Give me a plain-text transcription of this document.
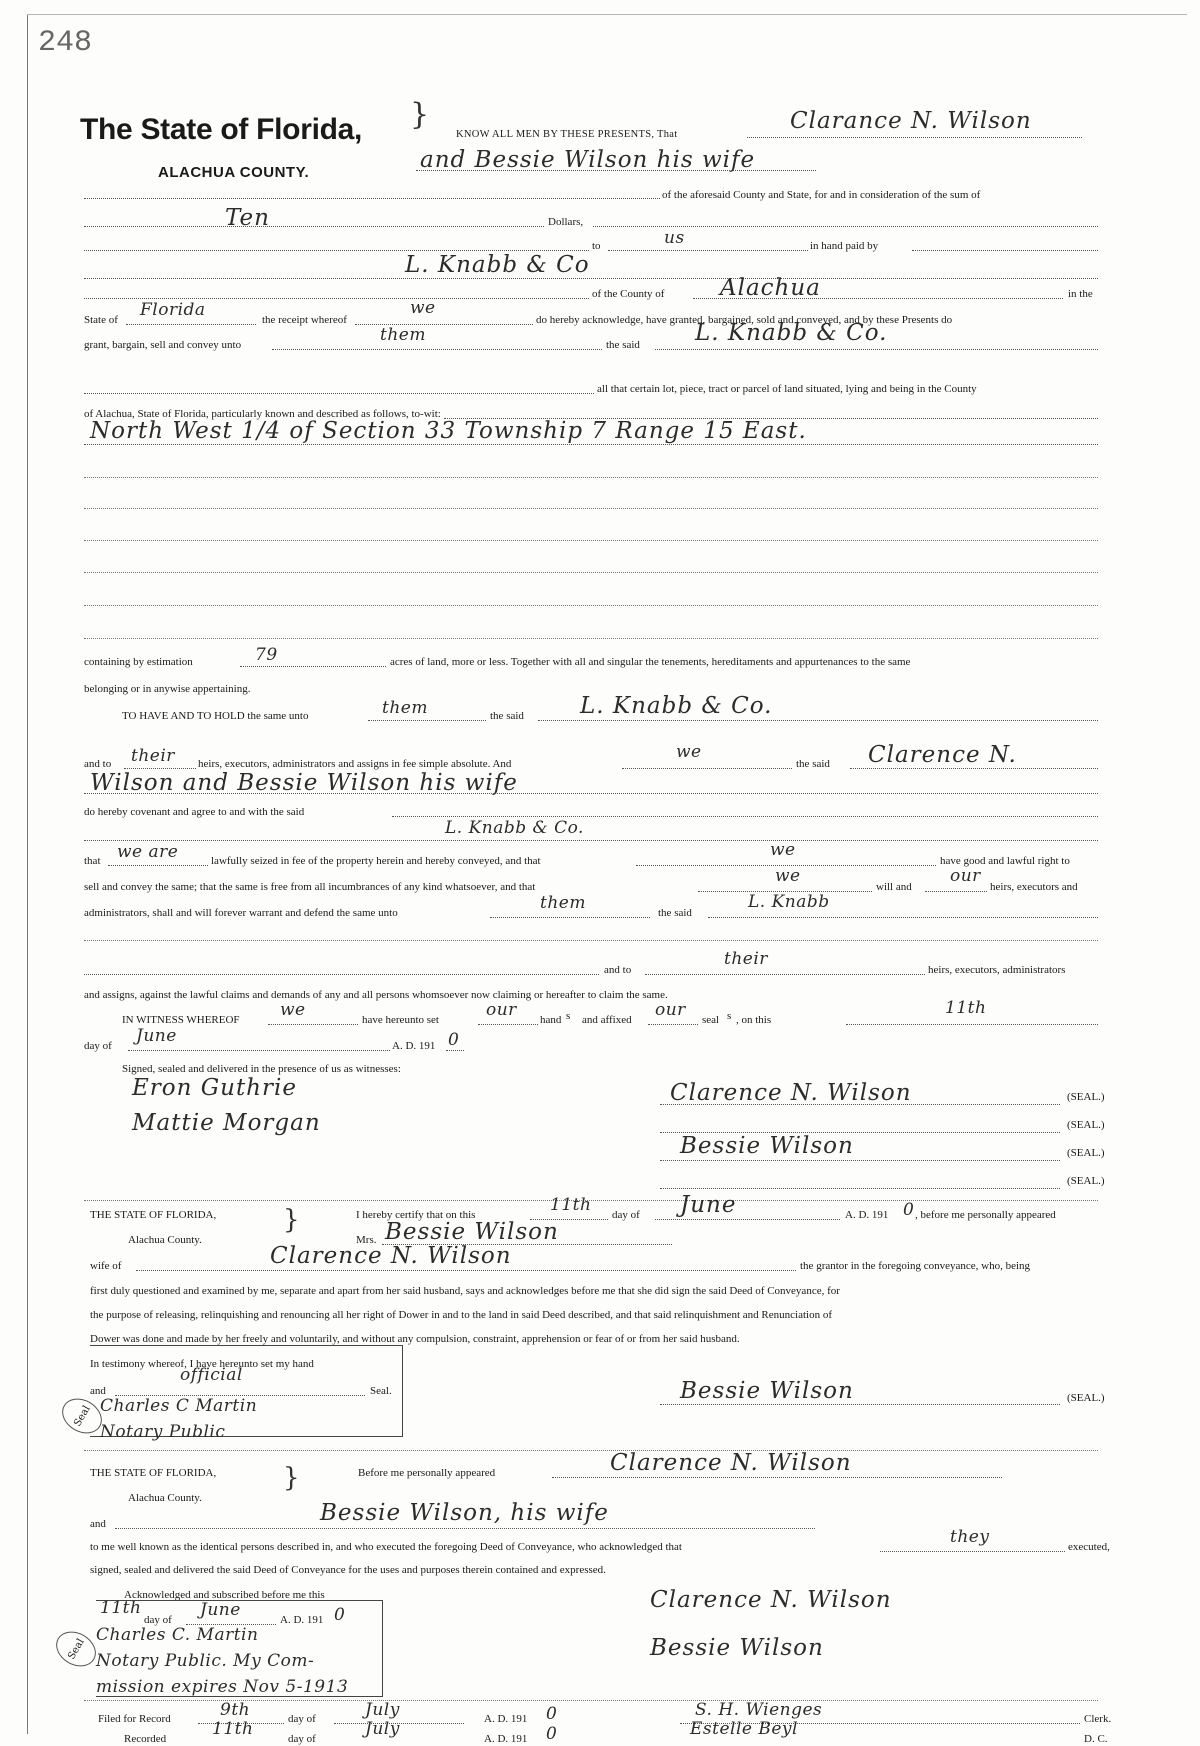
248
The State of Florida,
ALACHUA COUNTY.
}
KNOW ALL MEN BY THESE PRESENTS, That
Clarance N. Wilson
and Bessie Wilson his wife
of the aforesaid County and State, for and in consideration of the sum of
Ten	Dollars,
to	us	in hand paid by
L. Knabb & Co
of the County of Alachua	in the
State of Florida	the receipt whereof
we
do hereby acknowledge, have granted, bargained, sold and conveyed, and by these Presents do
grant, bargain, sell and convey unto	them	the said L. Knabb & Co.
all that certain lot, piece, tract or parcel of land situated, lying and being in the County
of Alachua, State of Florida, particularly known and described as follows, to-wit:
North West 1/4 of Section 33 Township 7 Range 15 East.
containing by estimation	79	acres of land, more or less. Together with all and singular the tenements, hereditaments and appurtenances to the same
belonging or in anywise appertaining.
TO HAVE AND TO HOLD the same unto	them	the said L. Knabb & Co.
and to their heirs, executors, administrators and assigns in fee simple absolute. And
we
the said Clarence N.
Wilson and Bessie Wilson his wife
do hereby covenant and agree to and with the said
L. Knabb & Co.
that we are	lawfully seized in fee of the property herein and hereby conveyed, and that
we
have good and lawful right to
sell and convey the same; that the same is free from all incumbrances of any kind whatsoever, and that
we
will and
our
heirs, executors and
administrators, shall and will forever warrant and defend the same unto	them	the said
L. Knabb
and to
their
heirs, executors, administrators
and assigns, against the lawful claims and demands of any and all persons whomsoever now claiming or hereafter to claim the same.
IN WITNESS WHEREOF we	have hereunto set	our hand s and affixed our seal s , on this
11th
day of June	A. D. 191 0
Signed, sealed and delivered in the presence of us as witnesses:
Eron Guthrie
Mattie Morgan
Clarence N. Wilson
Bessie Wilson
(SEAL.)
(SEAL.)
(SEAL.)
(SEAL.)
THE STATE OF FLORIDA,
Alachua County.
}	I hereby certify that on this	11th day of June	A. D. 191 0 , before me personally appeared
Mrs. Bessie Wilson
wife of	Clarence N. Wilson	the grantor in the foregoing conveyance, who, being
first duly questioned and examined by me, separate and apart from her said husband, says and acknowledges before me that she did sign the said Deed of Conveyance, for
the purpose of releasing, relinquishing and renouncing all her right of Dower in and to the land in said Deed described, and that said relinquishment and Renunciation of
Dower was done and made by her freely and voluntarily, and without any compulsion, constraint, apprehension or fear of or from her said husband.
In testimony whereof, I have hereunto set my hand
and
official
Seal.
Charles C Martin
Notary Public
Seal
Bessie Wilson	(SEAL.)
THE STATE OF FLORIDA,
Alachua County.
}	Before me personally appeared	Clarence N. Wilson
and	Bessie Wilson, his wife
to me well known as the identical persons described in, and who executed the foregoing Deed of Conveyance, who acknowledged that	they	executed,
signed, sealed and delivered the said Deed of Conveyance for the uses and purposes therein contained and expressed.
Acknowledged and subscribed before me this
11th
day of June	A. D. 191 0
Charles C. Martin
Notary Public. My Com-
mission expires Nov 5-1913
Seal
Clarence N. Wilson
Bessie Wilson
Filed for Record	9th	day of	July	A. D. 191 0	S. H. Wienges	Clerk.
Recorded	11th	day of	July	A. D. 191 0	Estelle Beyl	D. C.
